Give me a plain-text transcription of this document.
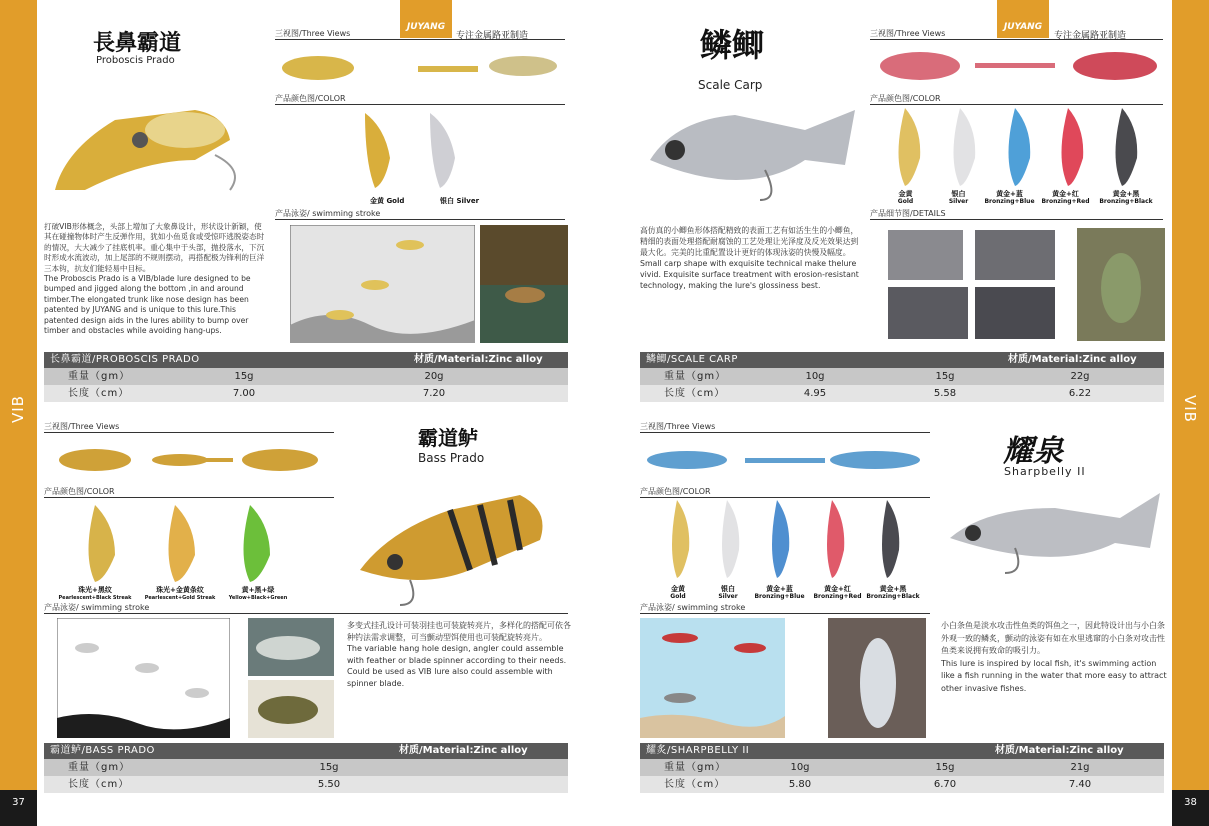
VIB	VIB
37	38
JUYANG
专注金属路亚制造
JUYANG
专注金属路亚制造
長鼻霸道
Proboscis Prado
三视图/Three Views
产品颜色图/COLOR
金黄 Gold	银白 Silver
产品泳姿/ swimming stroke

打破VIB形体概念，头部上增加了大象鼻设计，形状设计新颖，使其在碰撞物体时产生反弹作用，犹如小鱼觅食或受惊吓逃脱姿态时的情况，大大减少了挂底机率。重心集中于头部，抛投落水，下沉时形成水流波动，加上尾部的不规则摆动，再搭配极为锋利的巨洋三本钩，抗友们能轻易中目标。

The Proboscis Prado is a VIB/blade lure designed to be bumped and jigged along the bottom ,in and around timber.The elongated trunk like nose design has been patented by JUYANG and is unique to this lure.This patented design aids in the lures ability to bump over timber and obstacles while avoiding hang-ups.

长鼻霸道/PROBOSCIS PRADO	材质/Material:Zinc alloy
重量（gm）	15g	20g
长度（cm）	7.00	7.20
三视图/Three Views	霸道鲈
Bass Prado
产品颜色图/COLOR
珠光+黑纹
Pearlescent+Black Streak
珠光+金黄条纹
Pearlescent+Gold Streak
黄+黑+绿
Yellow+Black+Green
产品泳姿/ swimming stroke

多变式挂孔设计可装羽挂也可装旋转亮片，多样化的搭配可依各种钓法需求调整，可当颤动型饵使用也可装配旋转亮片。

The variable hang hole design, angler could assemble with feather or blade spinner according to their needs. Could be used as VIB lure also could assemble with spinner blade.

霸道鲈/BASS PRADO	材质/Material:Zinc alloy
重量（gm）	15g
长度（cm）	5.50
鳞鲫
Scale Carp
三视图/Three Views
产品颜色图/COLOR
金黄
Gold
银白
Silver
黄金+蓝
Bronzing+Blue
黄金+红
Bronzing+Red
黄金+黑
Bronzing+Black
产品细节图/DETAILS

高仿真的小鲫鱼形体搭配精致的表面工艺有如活生生的小鲫鱼，精细的表面处理搭配耐腐蚀的工艺处理让光泽度及反光效果达到最大化。完美的比重配置设计更好的体现泳姿的快慢及幅度。

Small carp shape with exquisite technical make thelure vivid. Exquisite surface treatment with erosion-resistant technology, making the lure's glossiness best.

鳞鲫/SCALE CARP	材质/Material:Zinc alloy
重量（gm）	10g	15g	22g
长度（cm）	4.95	5.58	6.22
三视图/Three Views
耀泉
Sharpbelly II
产品颜色图/COLOR
金黄
Gold
银白
Silver
黄金+蓝
Bronzing+Blue
黄金+红
Bronzing+Red
黄金+黑
Bronzing+Black
产品泳姿/ swimming stroke

小白条鱼是淡水攻击性鱼类的饵鱼之一，因此特设计出与小白条外观一致的鳞炙，颤动的泳姿有如在水里逃窜的小白条对攻击性鱼类来说拥有致命的吸引力。

This lure is inspired by local fish, it's swimming action like a fish running in the water that more easy to attract other invasive fishes.

耀炙/SHARPBELLY II	材质/Material:Zinc alloy
重量（gm）	10g	15g	21g
长度（cm）	5.80	6.70	7.40
